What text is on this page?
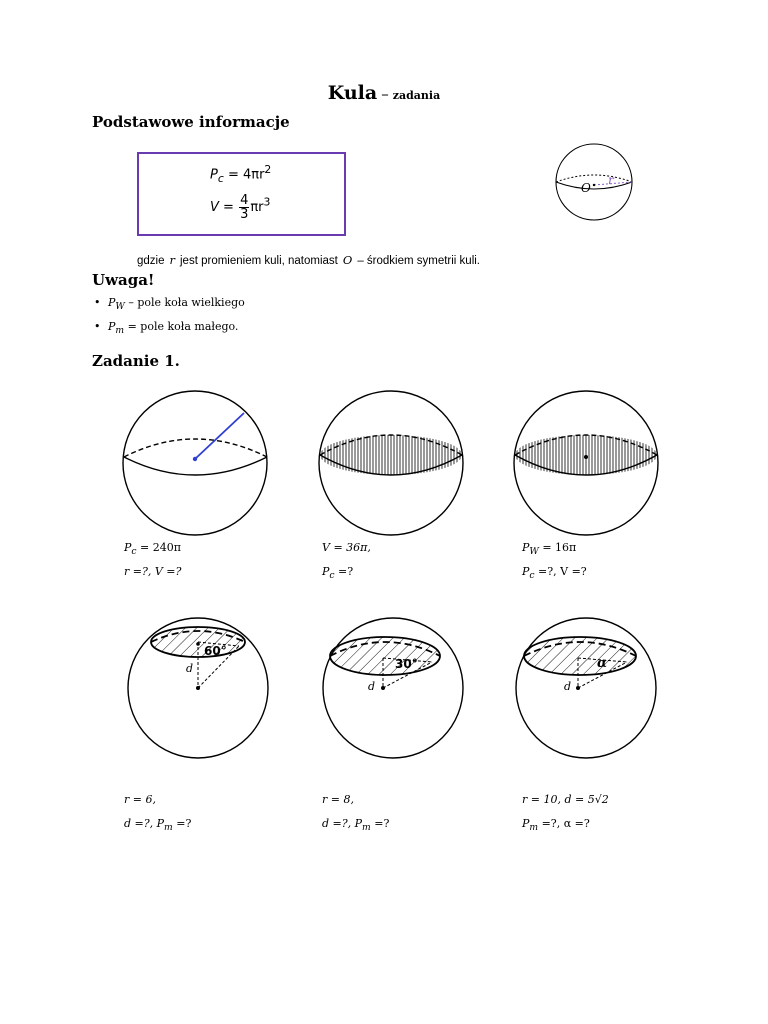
Kula – zadania
Podstawowe informacje
$P_c = 4\pi r^2$
$V = \frac{4}{3} \pi r^3$
O
r
gdzie r jest promieniem kuli, natomiast O – środkiem symetrii kuli.
Uwaga!
• $P_W$ – pole koła wielkiego
• $P_m$ = pole koła małego.
Zadanie 1.
$P_c = 240\pi$
r =?, V =?
V = 36π,
$P_c$ =?
$P_W = 16\pi$
$P_c$ =?, V =?
60°
d	30°
d
α
d
r = 6,
d =?, $P_m$ =?
r = 8,
d =?, $P_m$ =?
r = 10, d = 5√2
$P_m$ =?, α =?
